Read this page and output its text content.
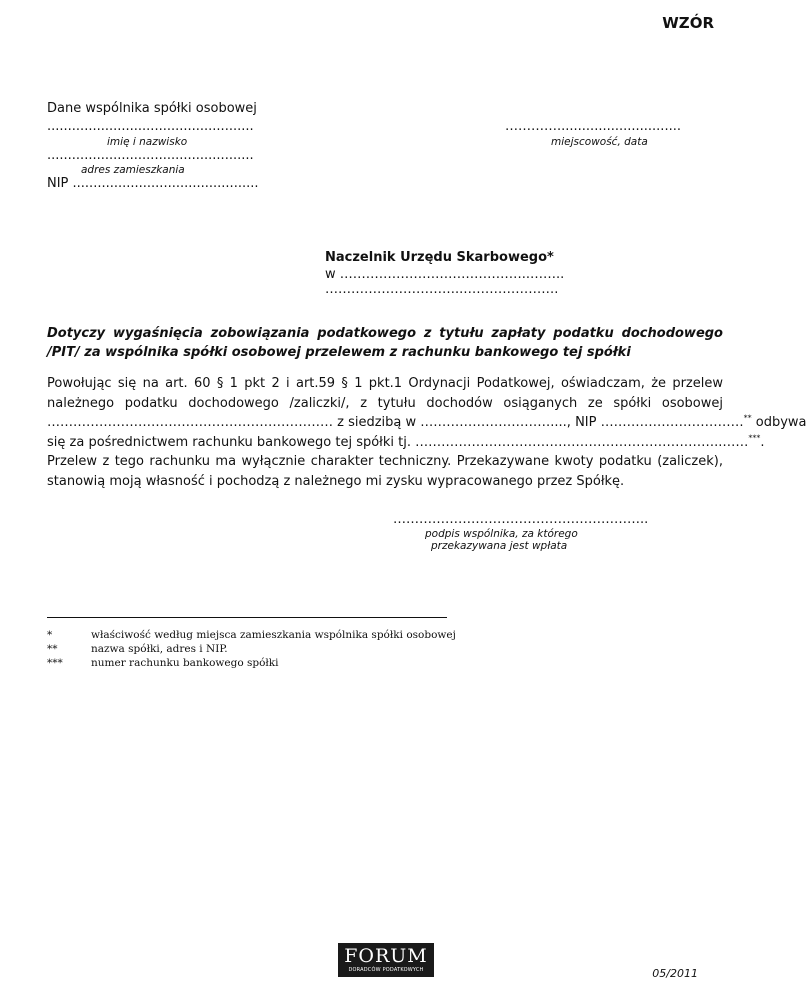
WZÓR
Dane wspólnika spółki osobowej
..................................................
imię i nazwisko
..................................................
adres zamieszkania
NIP .............................................
…………..............................
miejscowość, data
Naczelnik Urzędu Skarbowego*
w ……………………………………..……..
…………………………..………………….
Dotyczy wygaśnięcia zobowiązania podatkowego z tytułu zapłaty podatku dochodowego /PIT/ za wspólnika spółki osobowej przelewem z rachunku bankowego tej spółki
Powołując się na art. 60 § 1 pkt 2 i art.59 § 1 pkt.1 Ordynacji Podatkowej, oświadczam, że przelew
należnego podatku dochodowego /zaliczki/, z tytułu dochodów osiąganych ze spółki osobowej
………………………………………………………… z siedzibą w …………………………...., NIP ……………………………** odbywa
się za pośrednictwem rachunku bankowego tej spółki tj. ……………………………………………………………..……***.
Przelew z tego rachunku ma wyłącznie charakter techniczny. Przekazywane kwoty podatku (zaliczek),
stanowią moją własność i pochodzą z należnego mi zysku wypracowanego przez Spółkę.
…………………………………………………..
podpis wspólnika, za którego
przekazywana jest wpłata
*	właściwość według miejsca zamieszkania wspólnika spółki osobowej
**	nazwa spółki, adres i NIP.
***	numer rachunku bankowego spółki
FORUM
DORADCÓW PODATKOWYCH	05/2011
